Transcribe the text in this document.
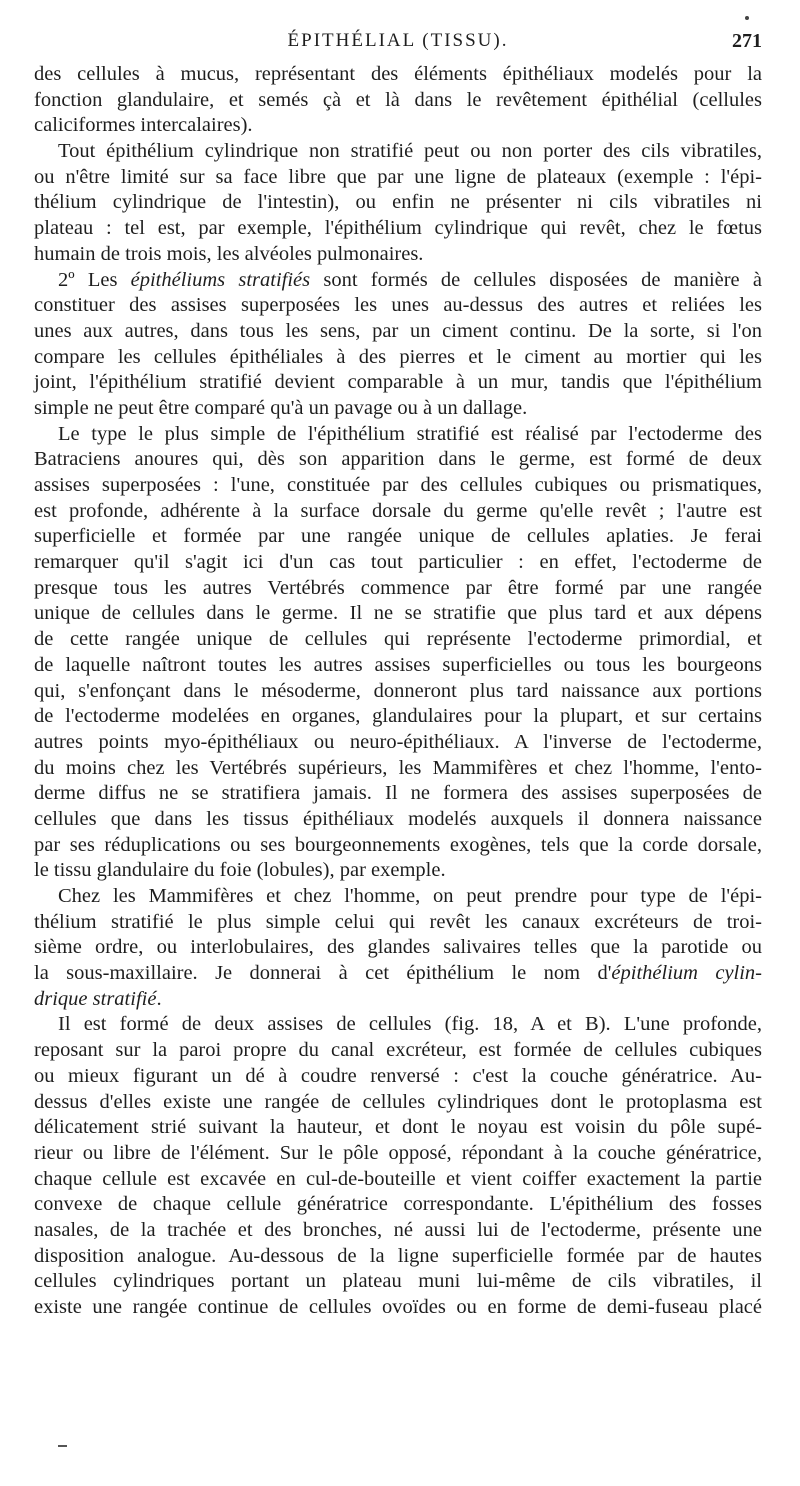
ÉPITHÉLIAL (TISSU).	271
des cellules à mucus, représentant des éléments épithéliaux modelés pour la
fonction glandulaire, et semés çà et là dans le revêtement épithélial (cellules
caliciformes intercalaires).
Tout épithélium cylindrique non stratifié peut ou non porter des cils vibratiles,
ou n'être limité sur sa face libre que par une ligne de plateaux (exemple : l'épi-
thélium cylindrique de l'intestin), ou enfin ne présenter ni cils vibratiles ni
plateau : tel est, par exemple, l'épithélium cylindrique qui revêt, chez le fœtus
humain de trois mois, les alvéoles pulmonaires.
2º Les épithéliums stratifiés sont formés de cellules disposées de manière à
constituer des assises superposées les unes au-dessus des autres et reliées les
unes aux autres, dans tous les sens, par un ciment continu. De la sorte, si l'on
compare les cellules épithéliales à des pierres et le ciment au mortier qui les
joint, l'épithélium stratifié devient comparable à un mur, tandis que l'épithélium
simple ne peut être comparé qu'à un pavage ou à un dallage.
Le type le plus simple de l'épithélium stratifié est réalisé par l'ectoderme des
Batraciens anoures qui, dès son apparition dans le germe, est formé de deux
assises superposées : l'une, constituée par des cellules cubiques ou prismatiques,
est profonde, adhérente à la surface dorsale du germe qu'elle revêt ; l'autre est
superficielle et formée par une rangée unique de cellules aplaties. Je ferai
remarquer qu'il s'agit ici d'un cas tout particulier : en effet, l'ectoderme de
presque tous les autres Vertébrés commence par être formé par une rangée
unique de cellules dans le germe. Il ne se stratifie que plus tard et aux dépens
de cette rangée unique de cellules qui représente l'ectoderme primordial, et
de laquelle naîtront toutes les autres assises superficielles ou tous les bourgeons
qui, s'enfonçant dans le mésoderme, donneront plus tard naissance aux portions
de l'ectoderme modelées en organes, glandulaires pour la plupart, et sur certains
autres points myo-épithéliaux ou neuro-épithéliaux. A l'inverse de l'ectoderme,
du moins chez les Vertébrés supérieurs, les Mammifères et chez l'homme, l'ento-
derme diffus ne se stratifiera jamais. Il ne formera des assises superposées de
cellules que dans les tissus épithéliaux modelés auxquels il donnera naissance
par ses réduplications ou ses bourgeonnements exogènes, tels que la corde dorsale,
le tissu glandulaire du foie (lobules), par exemple.
Chez les Mammifères et chez l'homme, on peut prendre pour type de l'épi-
thélium stratifié le plus simple celui qui revêt les canaux excréteurs de troi-
sième ordre, ou interlobulaires, des glandes salivaires telles que la parotide ou
la sous-maxillaire. Je donnerai à cet épithélium le nom d'épithélium cylin-
drique stratifié.
Il est formé de deux assises de cellules (fig. 18, A et B). L'une profonde,
reposant sur la paroi propre du canal excréteur, est formée de cellules cubiques
ou mieux figurant un dé à coudre renversé : c'est la couche génératrice. Au-
dessus d'elles existe une rangée de cellules cylindriques dont le protoplasma est
délicatement strié suivant la hauteur, et dont le noyau est voisin du pôle supé-
rieur ou libre de l'élément. Sur le pôle opposé, répondant à la couche génératrice,
chaque cellule est excavée en cul-de-bouteille et vient coiffer exactement la partie
convexe de chaque cellule génératrice correspondante. L'épithélium des fosses
nasales, de la trachée et des bronches, né aussi lui de l'ectoderme, présente une
disposition analogue. Au-dessous de la ligne superficielle formée par de hautes
cellules cylindriques portant un plateau muni lui-même de cils vibratiles, il
existe une rangée continue de cellules ovoïdes ou en forme de demi-fuseau placé
